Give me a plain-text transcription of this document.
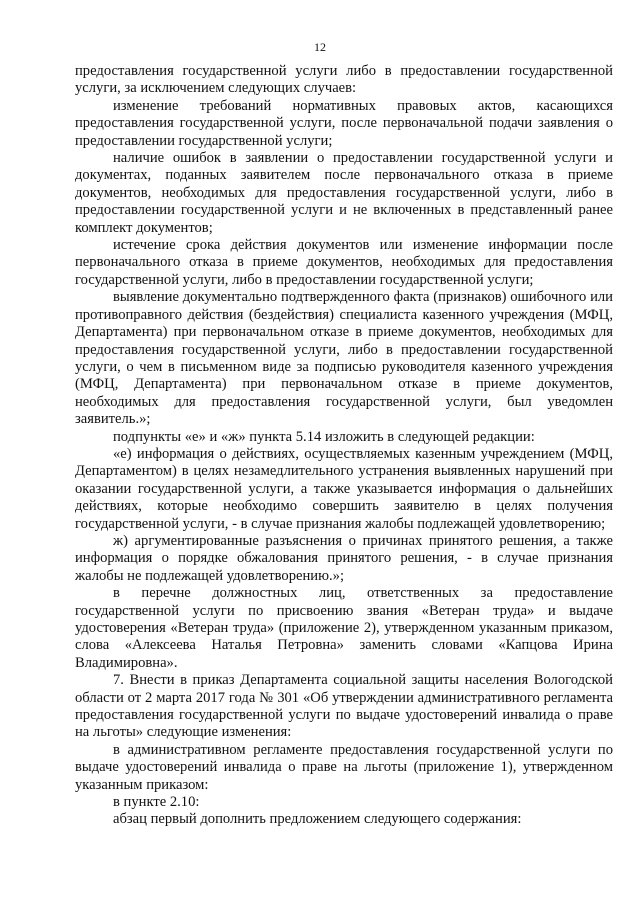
12

предоставления государственной услуги либо в предоставлении государственной услуги, за исключением следующих случаев:

изменение требований нормативных правовых актов, касающихся предоставления государственной услуги, после первоначальной подачи заявления о предоставлении государственной услуги;

наличие ошибок в заявлении о предоставлении государственной услуги и документах, поданных заявителем после первоначального отказа в приеме документов, необходимых для предоставления государственной услуги, либо в предоставлении государственной услуги и не включенных в представленный ранее комплект документов;

истечение срока действия документов или изменение информации после первоначального отказа в приеме документов, необходимых для предоставления государственной услуги, либо в предоставлении государственной услуги;

выявление документально подтвержденного факта (признаков) ошибочного или противоправного действия (бездействия) специалиста казенного учреждения (МФЦ, Департамента) при первоначальном отказе в приеме документов, необходимых для предоставления государственной услуги, либо в предоставлении государственной услуги, о чем в письменном виде за подписью руководителя казенного учреждения (МФЦ, Департамента) при первоначальном отказе в приеме документов, необходимых для предоставления государственной услуги, был уведомлен заявитель.»;

подпункты «е» и «ж» пункта 5.14 изложить в следующей редакции:

«е) информация о действиях, осуществляемых казенным учреждением (МФЦ, Департаментом) в целях незамедлительного устранения выявленных нарушений при оказании государственной услуги, а также указывается информация о дальнейших действиях, которые необходимо совершить заявителю в целях получения государственной услуги, - в случае признания жалобы подлежащей удовлетворению;

ж) аргументированные разъяснения о причинах принятого решения, а также информация о порядке обжалования принятого решения, - в случае признания жалобы не подлежащей удовлетворению.»;

в перечне должностных лиц, ответственных за предоставление государственной услуги по присвоению звания «Ветеран труда» и выдаче удостоверения «Ветеран труда» (приложение 2), утвержденном указанным приказом, слова «Алексеева Наталья Петровна» заменить словами «Капцова Ирина Владимировна».

7. Внести в приказ Департамента социальной защиты населения Вологодской области от 2 марта 2017 года № 301 «Об утверждении административного регламента предоставления государственной услуги по выдаче удостоверений инвалида о праве на льготы» следующие изменения:

в административном регламенте предоставления государственной услуги по выдаче удостоверений инвалида о праве на льготы (приложение 1), утвержденном указанным приказом:

в пункте 2.10:

абзац первый дополнить предложением следующего содержания:
